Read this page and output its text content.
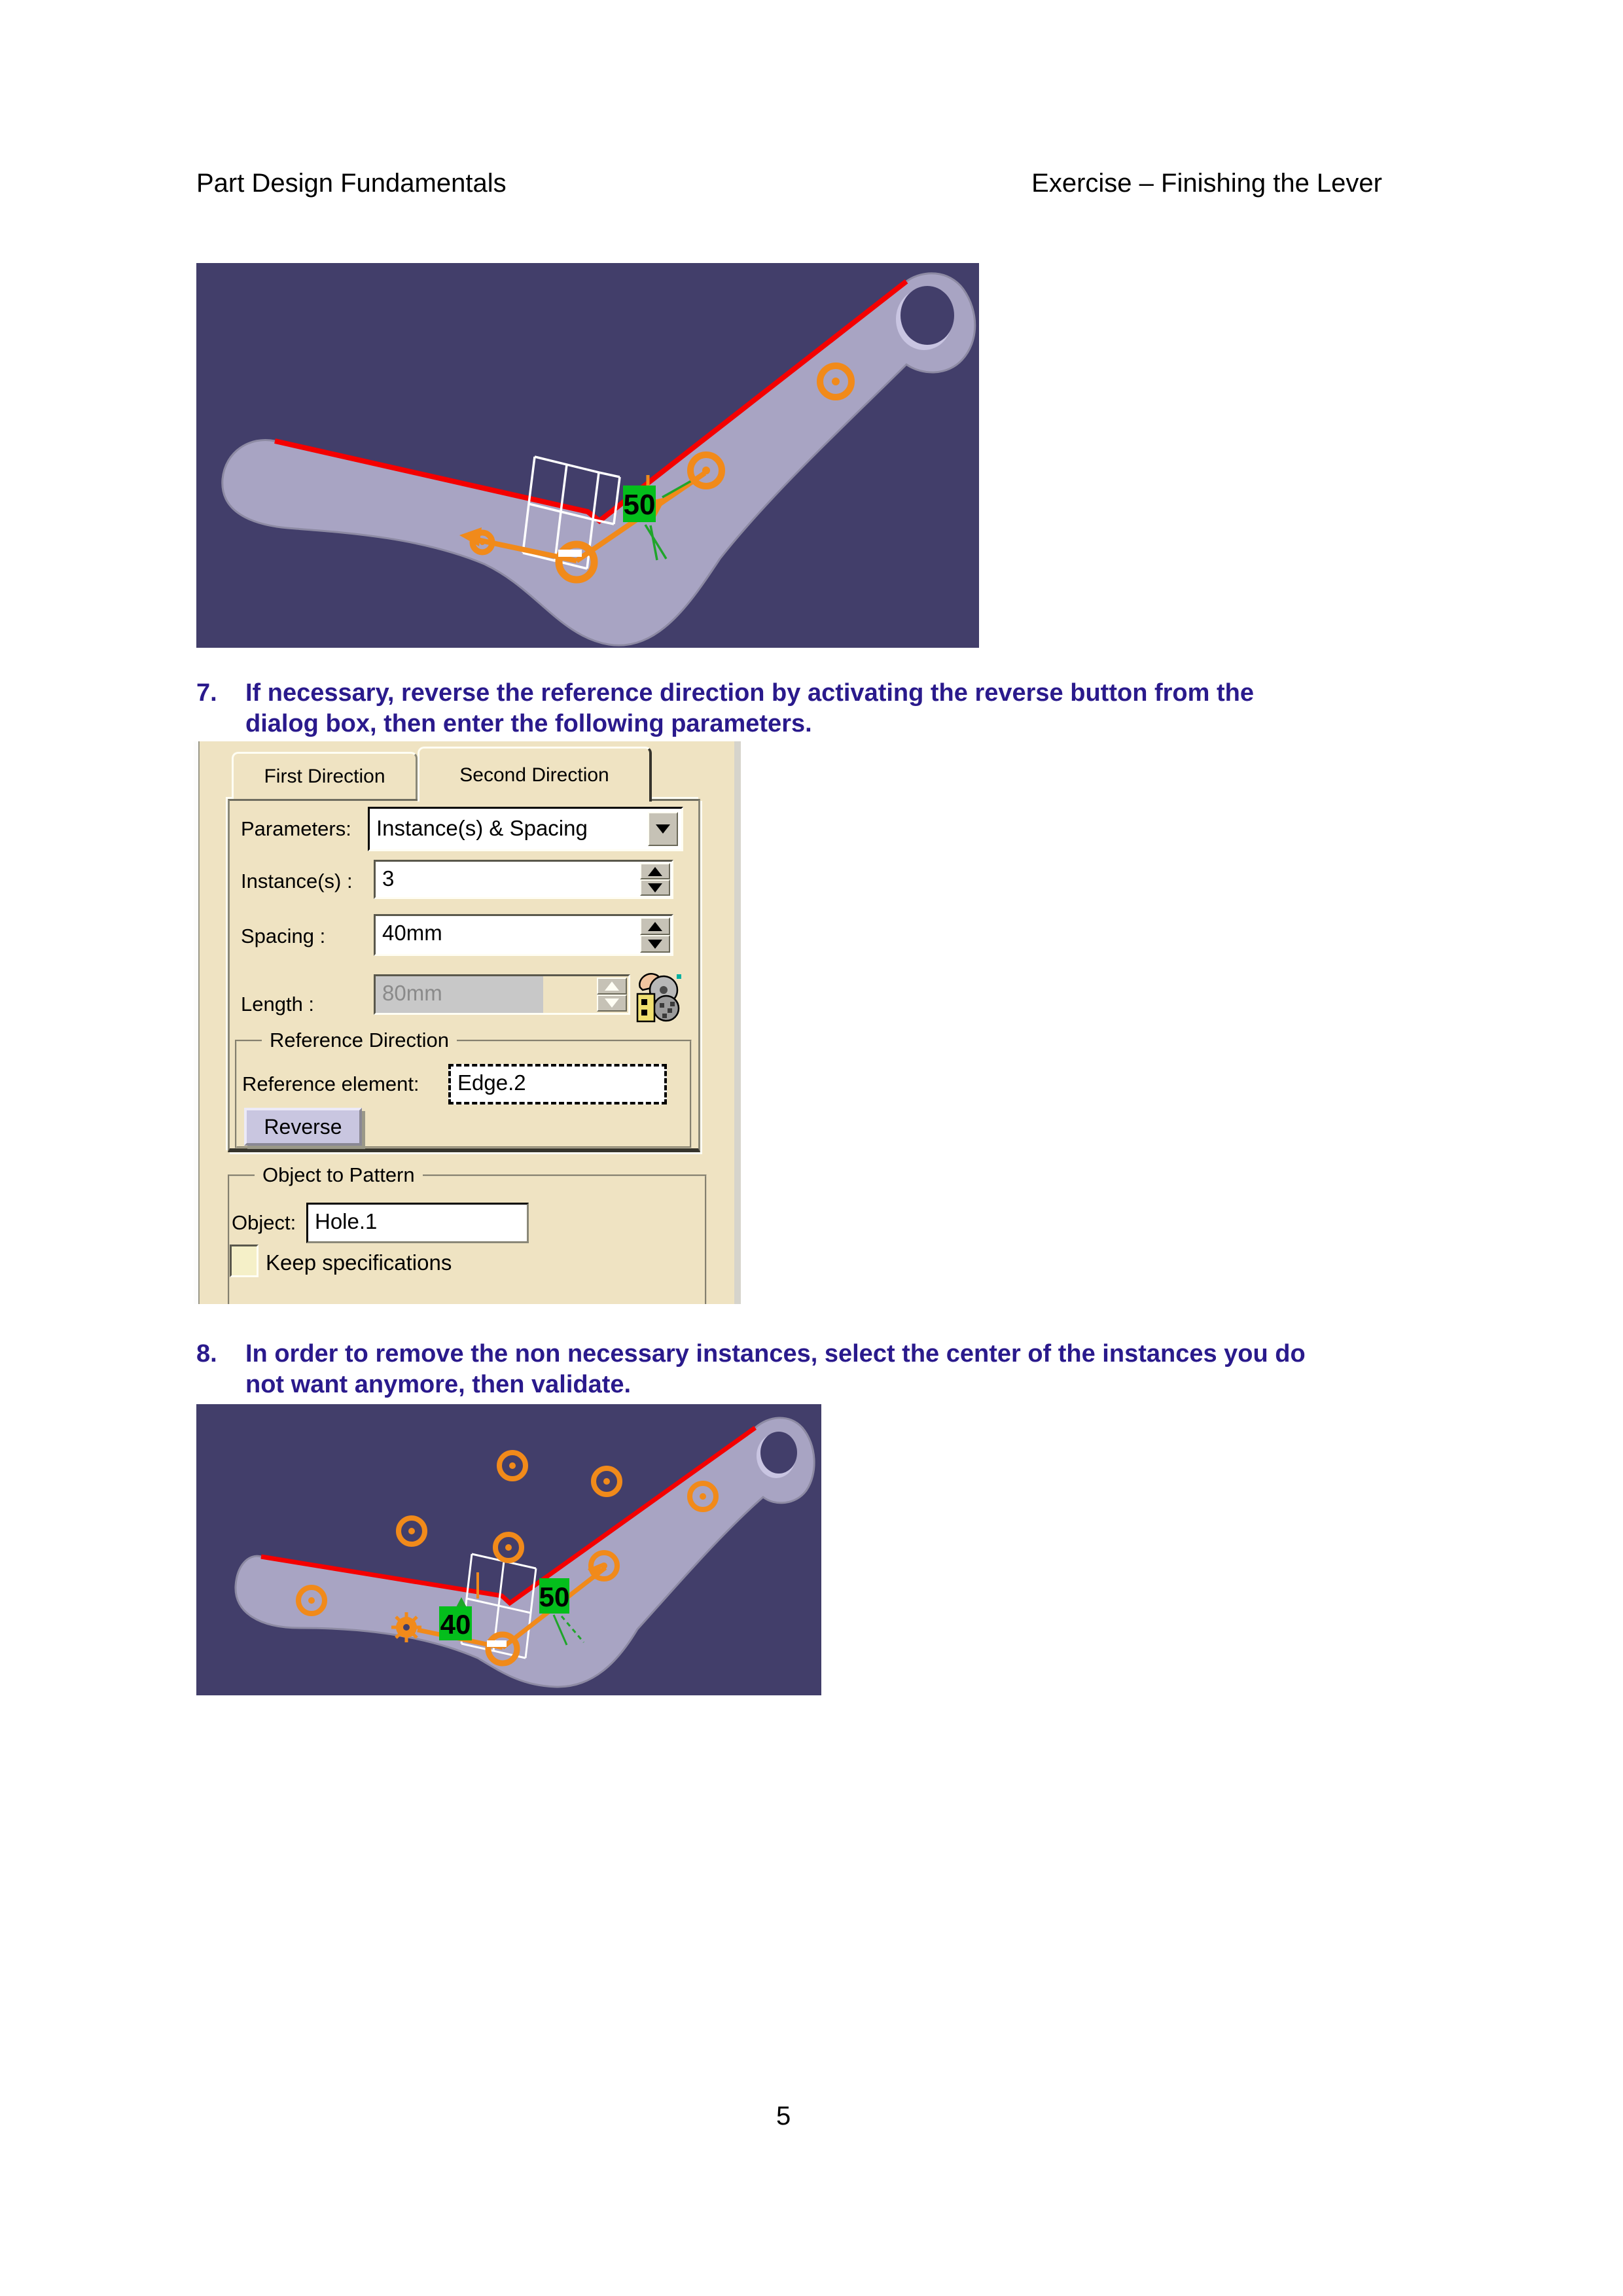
Part Design Fundamentals	Exercise – Finishing the Lever
50
7. If necessary, reverse the reference direction by activating the reverse button from the
dialog box, then enter the following parameters.
First Direction	Second Direction
Parameters:	Instance(s) & Spacing
Instance(s) :	3
Spacing :	40mm
Length :	80mm
Reference Direction
Reference element:	Edge.2
Reverse
Object to Pattern
Object: Hole.1
Keep specifications
8. In order to remove the non necessary instances, select the center of the instances you do
not want anymore, then validate.
50
40
5
